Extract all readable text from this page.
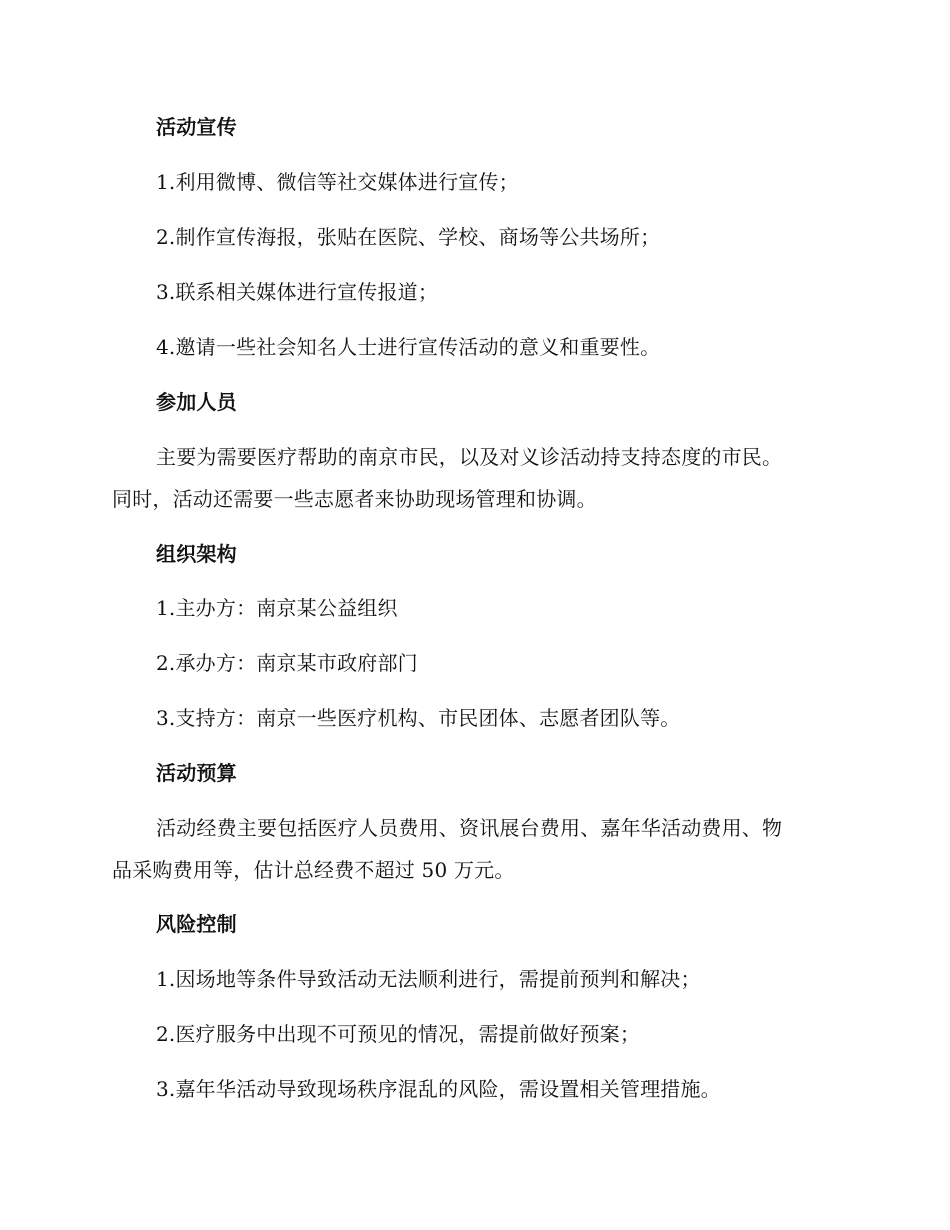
活动宣传
1.利用微博、微信等社交媒体进行宣传；
2.制作宣传海报，张贴在医院、学校、商场等公共场所；
3.联系相关媒体进行宣传报道；
4.邀请一些社会知名人士进行宣传活动的意义和重要性。
参加人员
主要为需要医疗帮助的南京市民，以及对义诊活动持支持态度的市民。
同时，活动还需要一些志愿者来协助现场管理和协调。
组织架构
1.主办方：南京某公益组织
2.承办方：南京某市政府部门
3.支持方：南京一些医疗机构、市民团体、志愿者团队等。
活动预算
活动经费主要包括医疗人员费用、资讯展台费用、嘉年华活动费用、物
品采购费用等，估计总经费不超过 50 万元。
风险控制
1.因场地等条件导致活动无法顺利进行，需提前预判和解决；
2.医疗服务中出现不可预见的情况，需提前做好预案；
3.嘉年华活动导致现场秩序混乱的风险，需设置相关管理措施。
